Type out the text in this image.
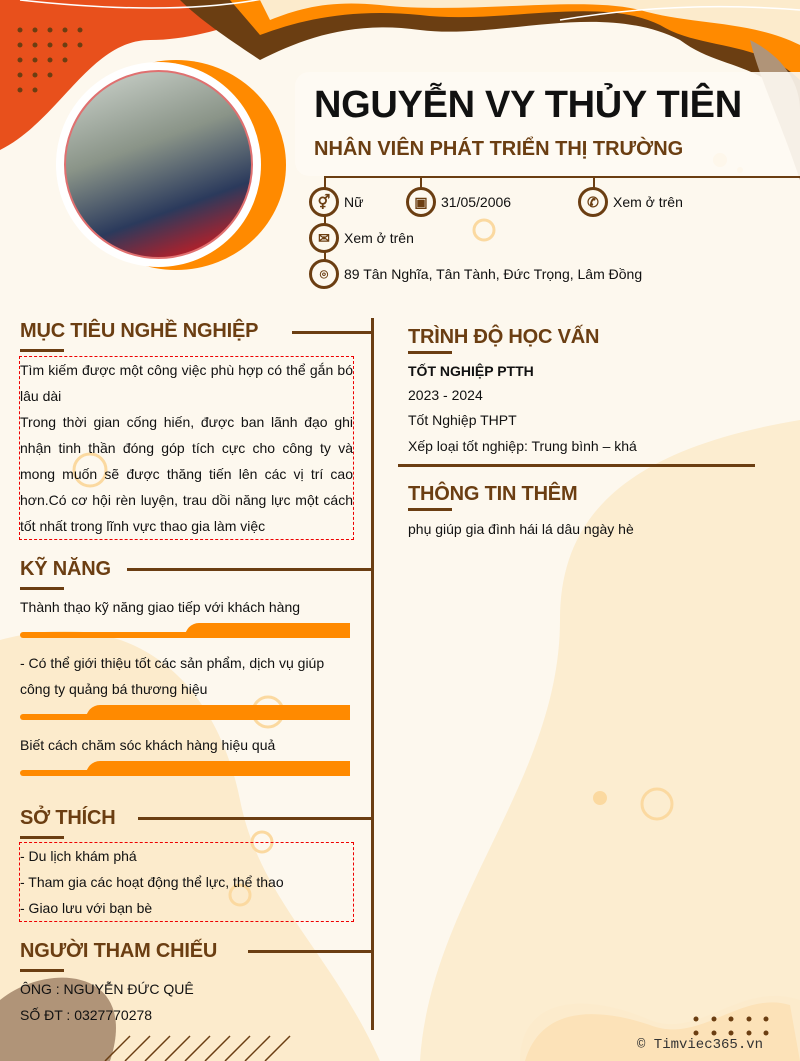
NGUYỄN VY THỦY TIÊN
NHÂN VIÊN PHÁT TRIỂN THỊ TRƯỜNG
⚥ Nữ	▣ 31/05/2006	✆ Xem ở trên
✉ Xem ở trên
⌾ 89 Tân Nghĩa, Tân Tành, Đức Trọng, Lâm Đồng
MỤC TIÊU NGHỀ NGHIỆP
Tìm kiếm được một công việc phù hợp có thể gắn bó lâu dài
Trong thời gian cống hiến, được ban lãnh đạo ghi nhận tinh thần đóng góp tích cực cho công ty và mong muốn sẽ được thăng tiến lên các vị trí cao hơn.Có cơ hội rèn luyện, trau dồi năng lực một cách tốt nhất trong lĩnh vực thao gia làm việc
KỸ NĂNG
Thành thạo kỹ năng giao tiếp với khách hàng
- Có thể giới thiệu tốt các sản phẩm, dịch vụ giúp công ty quảng bá thương hiệu
Biết cách chăm sóc khách hàng hiệu quả
SỞ THÍCH
- Du lịch khám phá
- Tham gia các hoạt động thể lực, thể thao
- Giao lưu với bạn bè
NGƯỜI THAM CHIẾU
ÔNG : NGUYỄN ĐỨC QUÊ
SỐ ĐT : 0327770278
TRÌNH ĐỘ HỌC VẤN
TỐT NGHIỆP PTTH
2023 - 2024
Tốt Nghiệp THPT
Xếp loại tốt nghiệp: Trung bình – khá
THÔNG TIN THÊM
phụ giúp gia đình hái lá dâu ngày hè
© Timviec365.vn
